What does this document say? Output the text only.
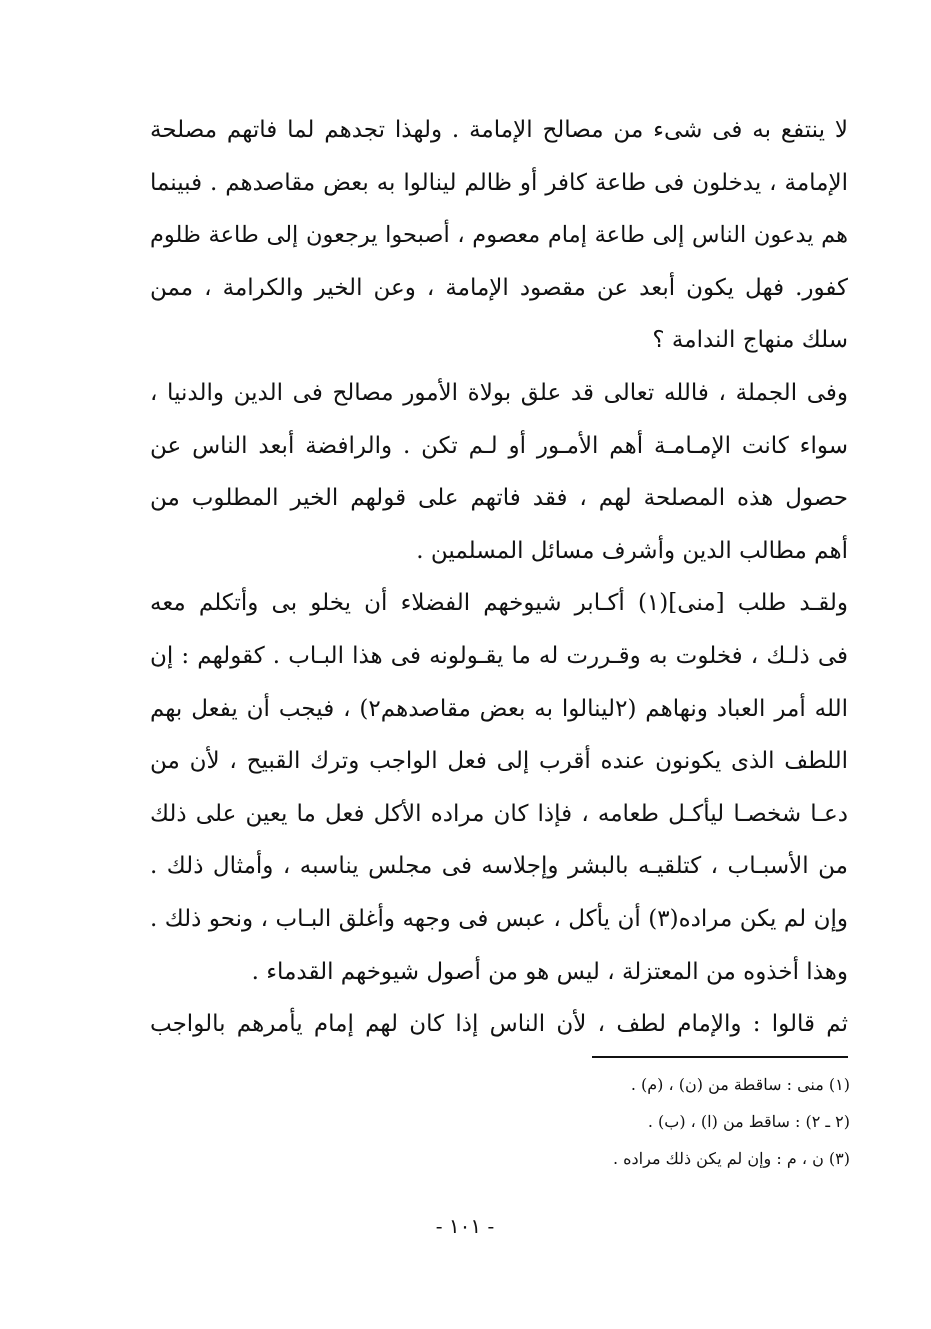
لا ينتفع به فى شىء من مصالح الإمامة . ولهذا تجدهم لما فاتهم مصلحة
الإمامة ، يدخلون فى طاعة كافر أو ظالم لينالوا به بعض مقاصدهم . فبينما
هم يدعون الناس إلى طاعة إمام معصوم ، أصبحوا يرجعون إلى طاعة ظلوم
كفور. فهل يكون أبعد عن مقصود الإمامة ، وعن الخير والكرامة ، ممن
سلك منهاج الندامة ؟
وفى الجملة ، فالله تعالى قد علق بولاة الأمور مصالح فى الدين والدنيا ،
سواء كانت الإمـامـة أهم الأمـور أو لـم تكن . والرافضة أبعد الناس عن
حصول هذه المصلحة لهم ، فقد فاتهم على قولهم الخير المطلوب من
أهم مطالب الدين وأشرف مسائل المسلمين .
ولقـد طلب [منى](١) أكـابر شيوخهم الفضلاء أن يخلو بى وأتكلم معه
فى ذلـك ، فخلوت به وقـررت له ما يقـولونه فى هذا البـاب . كقولهم : إن
الله أمر العباد ونهاهم (٢لينالوا به بعض مقاصدهم٢) ، فيجب أن يفعل بهم
اللطف الذى يكونون عنده أقرب إلى فعل الواجب وترك القبيح ، لأن من
دعـا شخصـا ليأكـل طعامه ، فإذا كان مراده الأكل فعل ما يعين على ذلك
من الأسبـاب ، كتلقيـه بالبشر وإجلاسه فى مجلس يناسبه ، وأمثال ذلك .
وإن لم يكن مراده(٣) أن يأكل ، عبس فى وجهه وأغلق البـاب ، ونحو ذلك .
وهذا أخذوه من المعتزلة ، ليس هو من أصول شيوخهم القدماء .
ثم قالوا : والإمام لطف ، لأن الناس إذا كان لهم إمام يأمرهم بالواجب
(١) منى : ساقطة من (ن) ، (م) .
(٢ ـ ٢) : ساقط من (ا) ، (ب) .
(٣) ن ، م : وإن لم يكن ذلك مراده .
- ١٠١ -
